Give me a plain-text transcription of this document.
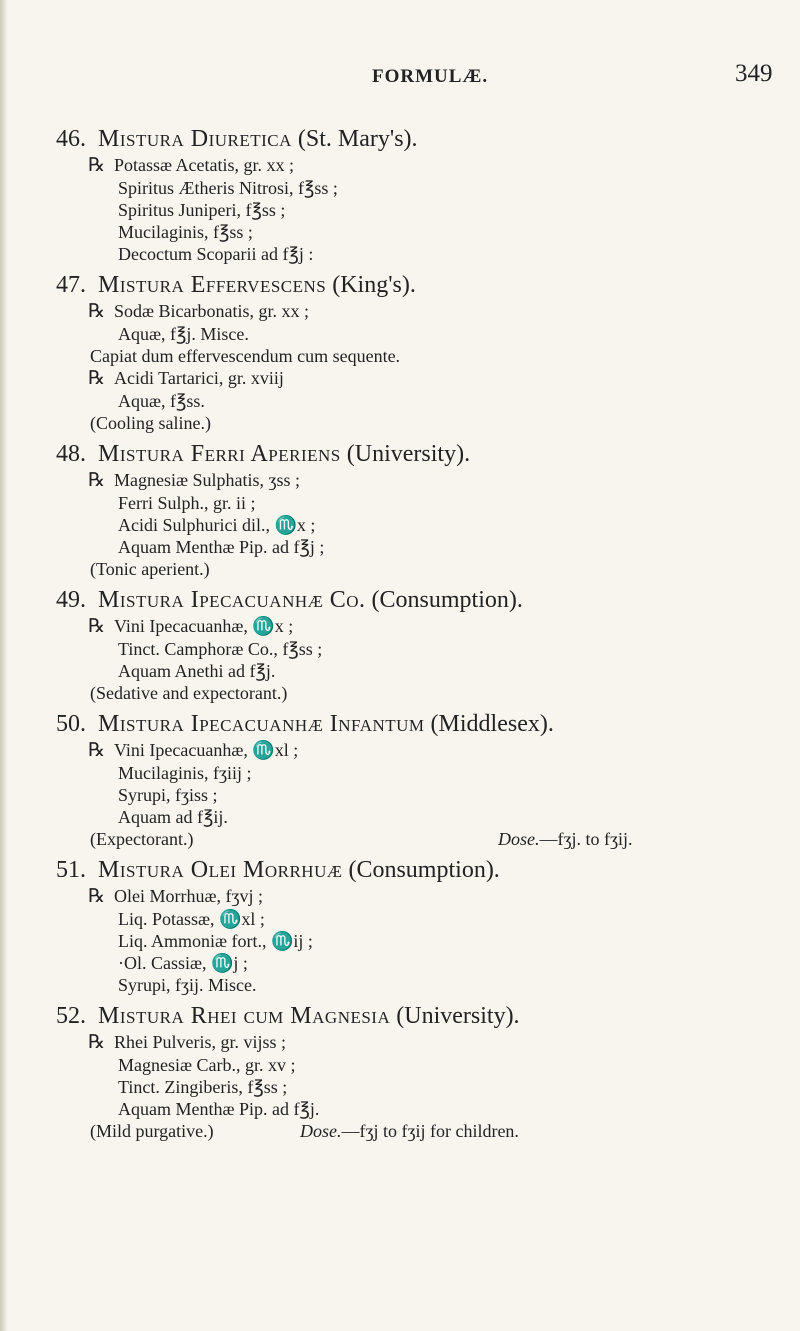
FORMULÆ.	349
46. Mistura Diuretica (St. Mary's).
℞ Potassæ Acetatis, gr. xx ;
Spiritus Ætheris Nitrosi, f℥ss ;
Spiritus Juniperi, f℥ss ;
Mucilaginis, f℥ss ;
Decoctum Scoparii ad f℥j :
47. Mistura Effervescens (King's).
℞ Sodæ Bicarbonatis, gr. xx ;
Aquæ, f℥j. Misce.
Capiat dum effervescendum cum sequente.
℞ Acidi Tartarici, gr. xviij
Aquæ, f℥ss.
(Cooling saline.)
48. Mistura Ferri Aperiens (University).
℞ Magnesiæ Sulphatis, ʒss ;
Ferri Sulph., gr. ii ;
Acidi Sulphurici dil., ♏x ;
Aquam Menthæ Pip. ad f℥j ;
(Tonic aperient.)
49. Mistura Ipecacuanhæ Co. (Consumption).
℞ Vini Ipecacuanhæ, ♏x ;
Tinct. Camphoræ Co., f℥ss ;
Aquam Anethi ad f℥j.
(Sedative and expectorant.)
50. Mistura Ipecacuanhæ Infantum (Middlesex).
℞ Vini Ipecacuanhæ, ♏xl ;
Mucilaginis, fʒiij ;
Syrupi, fʒiss ;
Aquam ad f℥ij.
(Expectorant.)	Dose.—fʒj. to fʒij.
51. Mistura Olei Morrhuæ (Consumption).
℞ Olei Morrhuæ, fʒvj ;
Liq. Potassæ, ♏xl ;
Liq. Ammoniæ fort., ♏ij ;
·Ol. Cassiæ, ♏j ;
Syrupi, fʒij. Misce.
52. Mistura Rhei cum Magnesia (University).
℞ Rhei Pulveris, gr. vijss ;
Magnesiæ Carb., gr. xv ;
Tinct. Zingiberis, f℥ss ;
Aquam Menthæ Pip. ad f℥j.
(Mild purgative.)	Dose.—fʒj to fʒij for children.
